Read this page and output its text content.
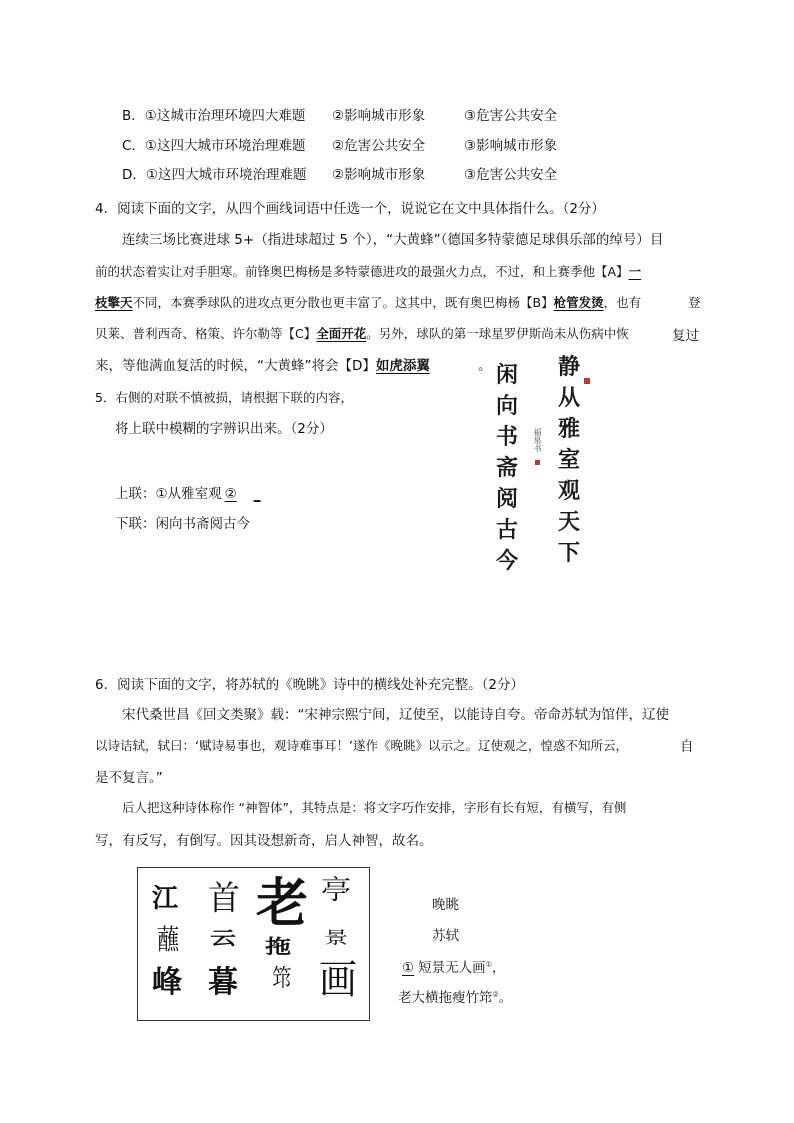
B．①这城市治理环境四大难题 ②影响城市形象	③危害公共安全
C．①这四大城市环境治理难题 ②危害公共安全	③影响城市形象
D．①这四大城市环境治理难题 ②影响城市形象	③危害公共安全
4．阅读下面的文字，从四个画线词语中任选一个，说说它在文中具体指什么。（2分）
连续三场比赛进球 5+（指进球超过 5 个），“大黄蜂”（德国多特蒙德足球俱乐部的绰号）目
前的状态着实让对手胆寒。前锋奥巴梅杨是多特蒙德进攻的最强火力点，不过，和上赛季他【A】一
枝擎天不同，本赛季球队的进攻点更分散也更丰富了。这其中，既有奥巴梅杨【B】枪管发烫，也有	登
贝莱、普利西奇、格策、许尔勒等【C】全面开花。另外，球队的第一球星罗伊斯尚未从伤病中恢	复过
来，等他满血复活的时候，“大黄蜂”将会【D】如虎添翼	。
5．右侧的对联不慎被损，请根据下联的内容，
将上联中模糊的字辨识出来。（2分）
上联：①从雅室观 ② _
下联：闲向书斋阅古今
静
从
雅
室
观
天
下
闲
向
书
斋
阅
古
今
福泉书
6．阅读下面的文字，将苏轼的《晚眺》诗中的横线处补充完整。（2分）
宋代桑世昌《回文类聚》载：“宋神宗熙宁间，辽使至，以能诗自夸。帝命苏轼为馆伴，辽使
以诗诘轼，轼曰：‘赋诗易事也，观诗难事耳！’遂作《晚眺》以示之。辽使观之，惶惑不知所云，	自
是不复言。”
后人把这种诗体称作 “神智体”，其特点是：将文字巧作安排，字形有长有短，有横写，有侧
写，有反写，有倒写。因其设想新奇，启人神智，故名。
亭
景
画
老
拖
筇
首
云
暮
江
蘸
峰
晚眺
苏轼
① 短景无人画①，
老大横拖瘦竹筇②。
